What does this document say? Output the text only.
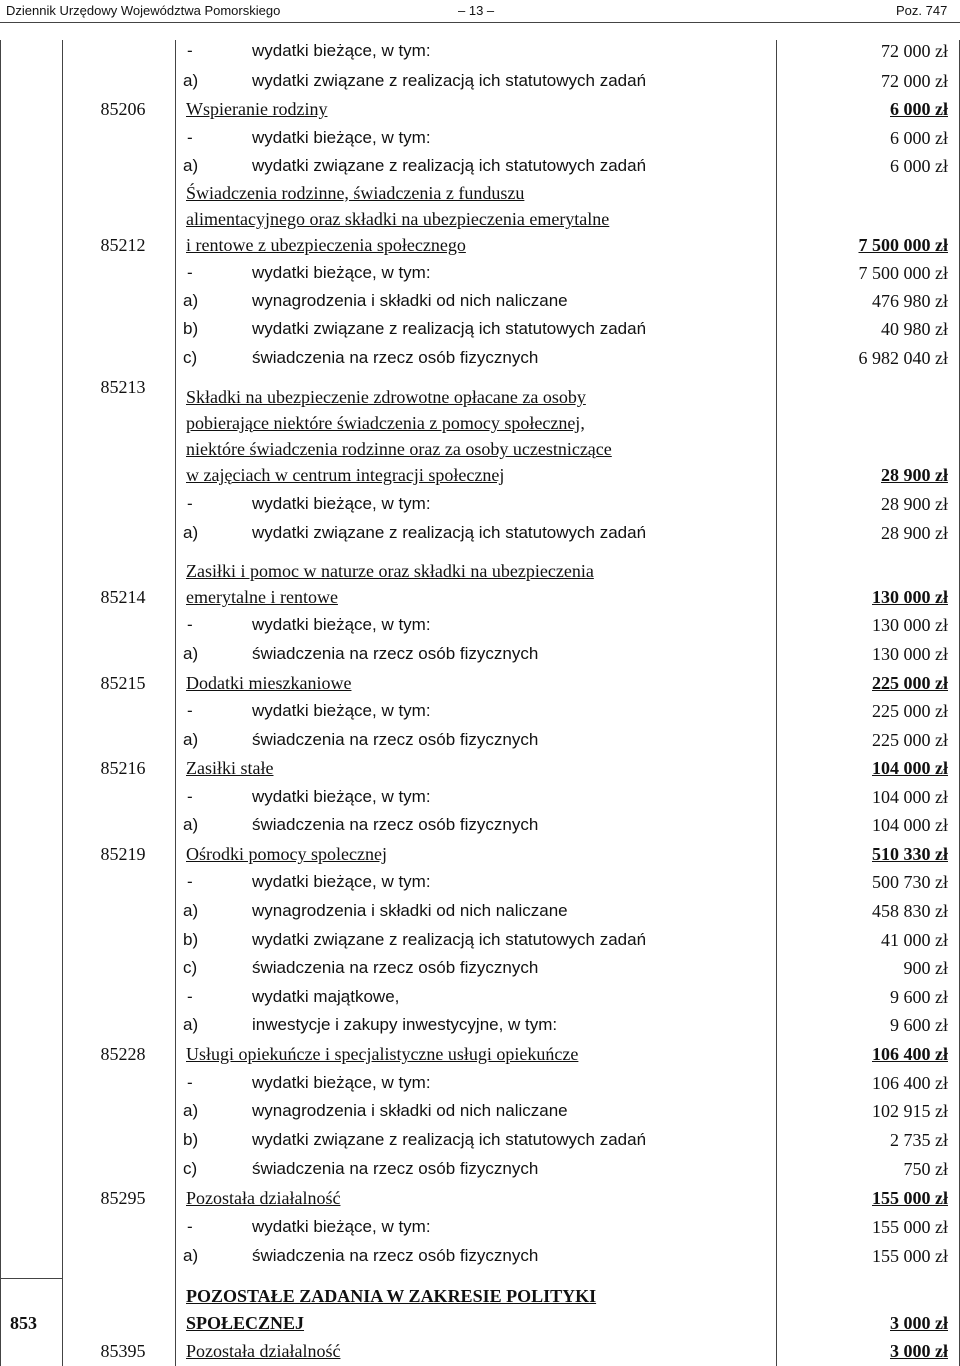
Dziennik Urzędowy Województwa Pomorskiego	– 13 –	Poz. 747
-	wydatki bieżące, w tym:	72 000 zł
a)	wydatki związane z realizacją ich statutowych zadań	72 000 zł
85206	Wspieranie rodziny	6 000 zł
-	wydatki bieżące, w tym:	6 000 zł
a)	wydatki związane z realizacją ich statutowych zadań	6 000 zł
85212
Świadczenia rodzinne, świadczenia z funduszu
alimentacyjnego oraz składki na ubezpieczenia emerytalne
i rentowe z ubezpieczenia społecznego	7 500 000 zł
-	wydatki bieżące, w tym:	7 500 000 zł
a)	wynagrodzenia i składki od nich naliczane	476 980 zł
b)	wydatki związane z realizacją ich statutowych zadań	40 980 zł
c)	świadczenia na rzecz osób fizycznych	6 982 040 zł
85213	Składki na ubezpieczenie zdrowotne opłacane za osoby
pobierające niektóre świadczenia z pomocy społecznej,
niektóre świadczenia rodzinne oraz za osoby uczestniczące
w zajęciach w centrum integracji społecznej	28 900 zł
-	wydatki bieżące, w tym:	28 900 zł
a)	wydatki związane z realizacją ich statutowych zadań	28 900 zł
85214
Zasiłki i pomoc w naturze oraz składki na ubezpieczenia
emerytalne i rentowe	130 000 zł
-	wydatki bieżące, w tym:	130 000 zł
a)	świadczenia na rzecz osób fizycznych	130 000 zł
85215	Dodatki mieszkaniowe	225 000 zł
-	wydatki bieżące, w tym:	225 000 zł
a)	świadczenia na rzecz osób fizycznych	225 000 zł
85216	Zasiłki stałe	104 000 zł
-	wydatki bieżące, w tym:	104 000 zł
a)	świadczenia na rzecz osób fizycznych	104 000 zł
85219	Ośrodki pomocy spolecznej	510 330 zł
-	wydatki bieżące, w tym:	500 730 zł
a)	wynagrodzenia i składki od nich naliczane	458 830 zł
b)	wydatki związane z realizacją ich statutowych zadań	41 000 zł
c)	świadczenia na rzecz osób fizycznych	900 zł
-	wydatki majątkowe,	9 600 zł
a)	inwestycje i zakupy inwestycyjne, w tym:	9 600 zł
85228	Usługi opiekuńcze i specjalistyczne usługi opiekuńcze	106 400 zł
-	wydatki bieżące, w tym:	106 400 zł
a)	wynagrodzenia i składki od nich naliczane	102 915 zł
b)	wydatki związane z realizacją ich statutowych zadań	2 735 zł
c)	świadczenia na rzecz osób fizycznych	750 zł
85295	Pozostała działalność	155 000 zł
-	wydatki bieżące, w tym:	155 000 zł
a)	świadczenia na rzecz osób fizycznych	155 000 zł
853
POZOSTAŁE ZADANIA W ZAKRESIE POLITYKI
SPOŁECZNEJ	3 000 zł
85395	Pozostała działalność	3 000 zł
